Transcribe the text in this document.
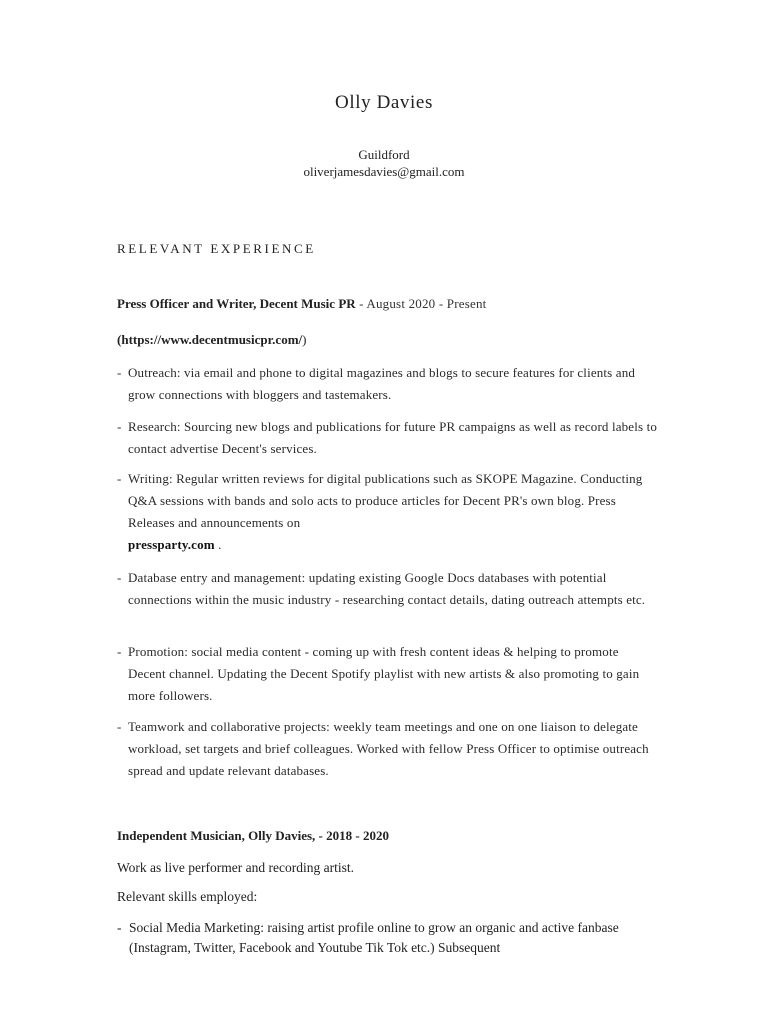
Olly Davies
Guildford
oliverjamesdavies@gmail.com
RELEVANT EXPERIENCE
Press Officer and Writer, Decent Music PR - August 2020 - Present
(https://www.decentmusicpr.com/)
- Outreach: via email and phone to digital magazines and blogs to secure features for clients and grow connections with bloggers and tastemakers.
- Research: Sourcing new blogs and publications for future PR campaigns as well as record labels to contact advertise Decent's services.
- Writing: Regular written reviews for digital publications such as SKOPE Magazine. Conducting Q&A sessions with bands and solo acts to produce articles for Decent PR's own blog. Press Releases and announcements on
pressparty.com .
- Database entry and management: updating existing Google Docs databases with potential connections within the music industry - researching contact details, dating outreach attempts etc.
- Promotion: social media content - coming up with fresh content ideas & helping to promote Decent channel. Updating the Decent Spotify playlist with new artists & also promoting to gain more followers.
- Teamwork and collaborative projects: weekly team meetings and one on one liaison to delegate workload, set targets and brief colleagues. Worked with fellow Press Officer to optimise outreach spread and update relevant databases.
Independent Musician, Olly Davies, - 2018 - 2020
Work as live performer and recording artist.
Relevant skills employed:
- Social Media Marketing: raising artist profile online to grow an organic and active fanbase (Instagram, Twitter, Facebook and Youtube Tik Tok etc.) Subsequent
